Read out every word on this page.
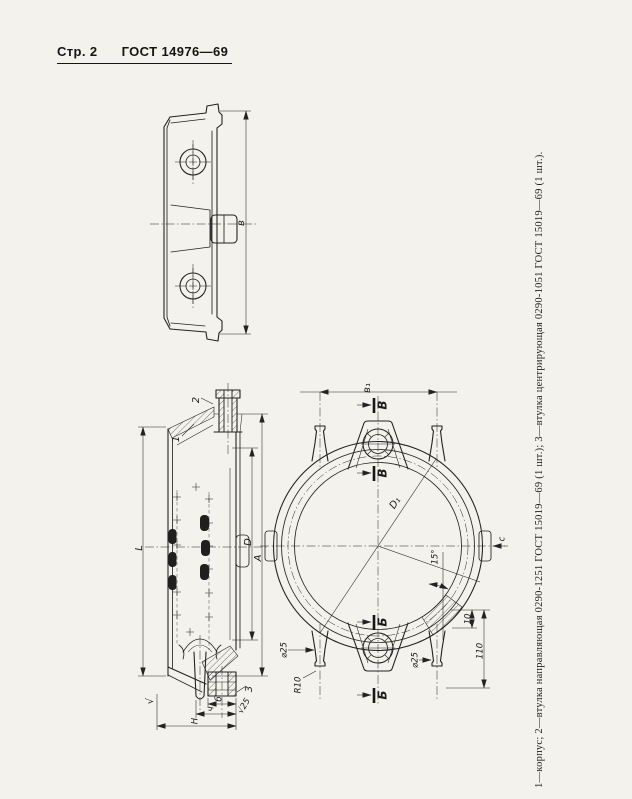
Стр. 2 ГОСТ 14976—69
в
2
1
3
D
A
L
б
ч
Н
√	√25
D₁
в₁
В
В
Б
Б
15°
с
⌀25
⌀25
R10
10
110	1—корпус; 2—втулка направляющая 0290-1251 ГОСТ 15019—69 (1 шт.); 3—втулка центрирующая 0290-1051 ГОСТ 15019—69 (1 шт.).
